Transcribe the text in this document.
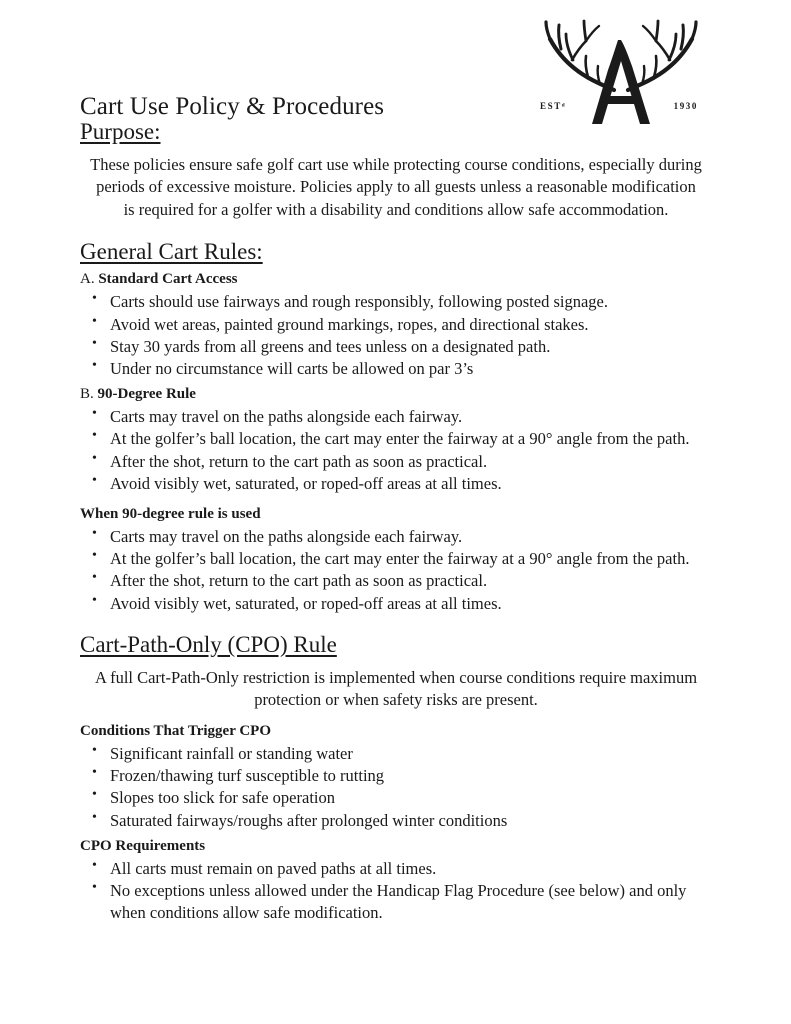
ESTᵈ	1930
Cart Use Policy & Procedures
Purpose:

These policies ensure safe golf cart use while protecting course conditions, especially during periods of excessive moisture. Policies apply to all guests unless a reasonable modification is required for a golfer with a disability and conditions allow safe accommodation.

General Cart Rules:

A. Standard Cart Access

• Carts should use fairways and rough responsibly, following posted signage.
• Avoid wet areas, painted ground markings, ropes, and directional stakes.
• Stay 30 yards from all greens and tees unless on a designated path.
• Under no circumstance will carts be allowed on par 3’s

B. 90-Degree Rule

• Carts may travel on the paths alongside each fairway.
• At the golfer’s ball location, the cart may enter the fairway at a 90° angle from the path.
• After the shot, return to the cart path as soon as practical.
• Avoid visibly wet, saturated, or roped-off areas at all times.

When 90-degree rule is used

• Carts may travel on the paths alongside each fairway.
• At the golfer’s ball location, the cart may enter the fairway at a 90° angle from the path.
• After the shot, return to the cart path as soon as practical.
• Avoid visibly wet, saturated, or roped-off areas at all times.
Cart-Path-Only (CPO) Rule

A full Cart-Path-Only restriction is implemented when course conditions require maximum protection or when safety risks are present.

Conditions That Trigger CPO

• Significant rainfall or standing water
• Frozen/thawing turf susceptible to rutting
• Slopes too slick for safe operation
• Saturated fairways/roughs after prolonged winter conditions

CPO Requirements

• All carts must remain on paved paths at all times.
• No exceptions unless allowed under the Handicap Flag Procedure (see below) and only when conditions allow safe modification.
